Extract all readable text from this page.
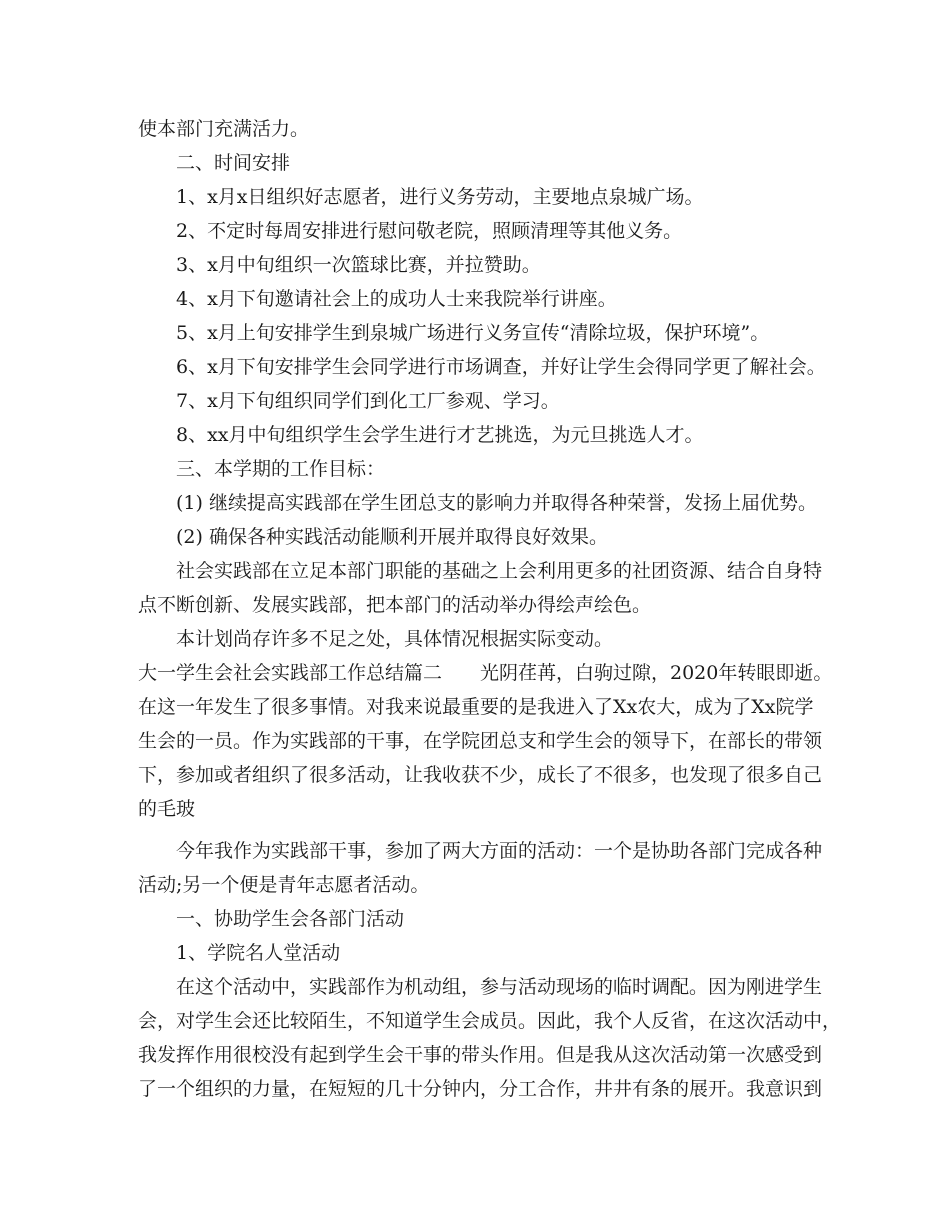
使本部门充满活力。
二、时间安排
1、x月x日组织好志愿者，进行义务劳动，主要地点泉城广场。
2、不定时每周安排进行慰问敬老院，照顾清理等其他义务。
3、x月中旬组织一次篮球比赛，并拉赞助。
4、x月下旬邀请社会上的成功人士来我院举行讲座。
5、x月上旬安排学生到泉城广场进行义务宣传“清除垃圾，保护环境”。
6、x月下旬安排学生会同学进行市场调查，并好让学生会得同学更了解社会。
7、x月下旬组织同学们到化工厂参观、学习。
8、xx月中旬组织学生会学生进行才艺挑选，为元旦挑选人才。
三、本学期的工作目标：
(1) 继续提高实践部在学生团总支的影响力并取得各种荣誉，发扬上届优势。
(2) 确保各种实践活动能顺利开展并取得良好效果。
社会实践部在立足本部门职能的基础之上会利用更多的社团资源、结合自身特
点不断创新、发展实践部，把本部门的活动举办得绘声绘色。
本计划尚存许多不足之处，具体情况根据实际变动。
大一学生会社会实践部工作总结篇二　　光阴荏苒，白驹过隙，2020年转眼即逝。
在这一年发生了很多事情。对我来说最重要的是我进入了Xx农大，成为了Xx院学
生会的一员。作为实践部的干事，在学院团总支和学生会的领导下，在部长的带领
下，参加或者组织了很多活动，让我收获不少，成长了不很多，也发现了很多自己
的毛玻
今年我作为实践部干事，参加了两大方面的活动：一个是协助各部门完成各种
活动;另一个便是青年志愿者活动。
一、协助学生会各部门活动
1、学院名人堂活动
在这个活动中，实践部作为机动组，参与活动现场的临时调配。因为刚进学生
会，对学生会还比较陌生，不知道学生会成员。因此，我个人反省，在这次活动中，
我发挥作用很校没有起到学生会干事的带头作用。但是我从这次活动第一次感受到
了一个组织的力量，在短短的几十分钟内，分工合作，井井有条的展开。我意识到
